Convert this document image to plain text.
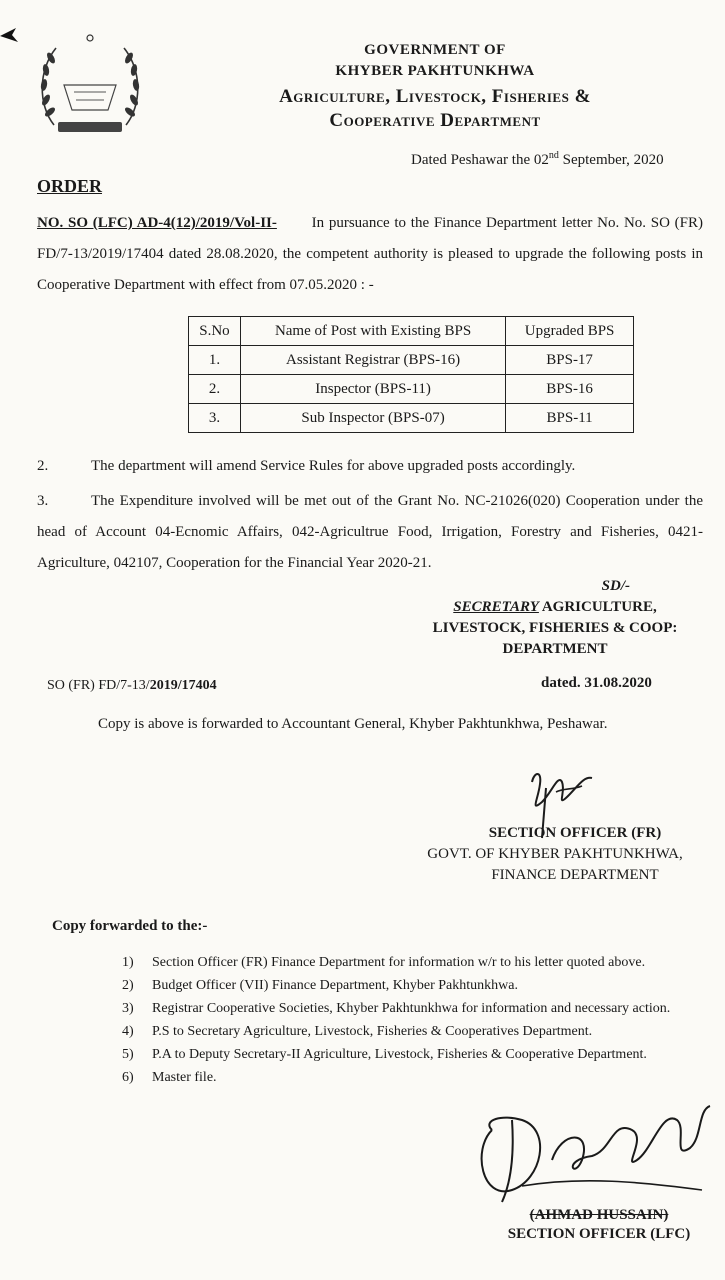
GOVERNMENT OF
KHYBER PAKHTUNKHWA
Agriculture, Livestock, Fisheries &
Cooperative Department
Dated Peshawar the 02nd September, 2020
ORDER
NO. SO (LFC) AD-4(12)/2019/Vol-II- In pursuance to the Finance Department letter No. No. SO (FR) FD/7-13/2019/17404 dated 28.08.2020, the competent authority is pleased to upgrade the following posts in Cooperative Department with effect from 07.05.2020 : -
S.No	Name of Post with Existing BPS	Upgraded BPS
1.	Assistant Registrar (BPS-16)	BPS-17
2.	Inspector (BPS-11)	BPS-16
3.	Sub Inspector (BPS-07)	BPS-11
2.	The department will amend Service Rules for above upgraded posts accordingly.
3.	The Expenditure involved will be met out of the Grant No. NC-21026(020) Cooperation under the head of Account 04-Ecnomic Affairs, 042-Agricultrue Food, Irrigation, Forestry and Fisheries, 0421-Agriculture, 042107, Cooperation for the Financial Year 2020-21.
SD/-
SECRETARY AGRICULTURE,
LIVESTOCK, FISHERIES & COOP:
DEPARTMENT
SO (FR) FD/7-13/2019/17404	dated. 31.08.2020
Copy is above is forwarded to Accountant General, Khyber Pakhtunkhwa, Peshawar.
SECTION OFFICER (FR)
GOVT. OF KHYBER PAKHTUNKHWA,
FINANCE DEPARTMENT
Copy forwarded to the:-
1) Section Officer (FR) Finance Department for information w/r to his letter quoted above.
2) Budget Officer (VII) Finance Department, Khyber Pakhtunkhwa.
3) Registrar Cooperative Societies, Khyber Pakhtunkhwa for information and necessary action.
4) P.S to Secretary Agriculture, Livestock, Fisheries & Cooperatives Department.
5) P.A to Deputy Secretary-II Agriculture, Livestock, Fisheries & Cooperative Department.
6) Master file.
(AHMAD HUSSAIN)
SECTION OFFICER (LFC)
